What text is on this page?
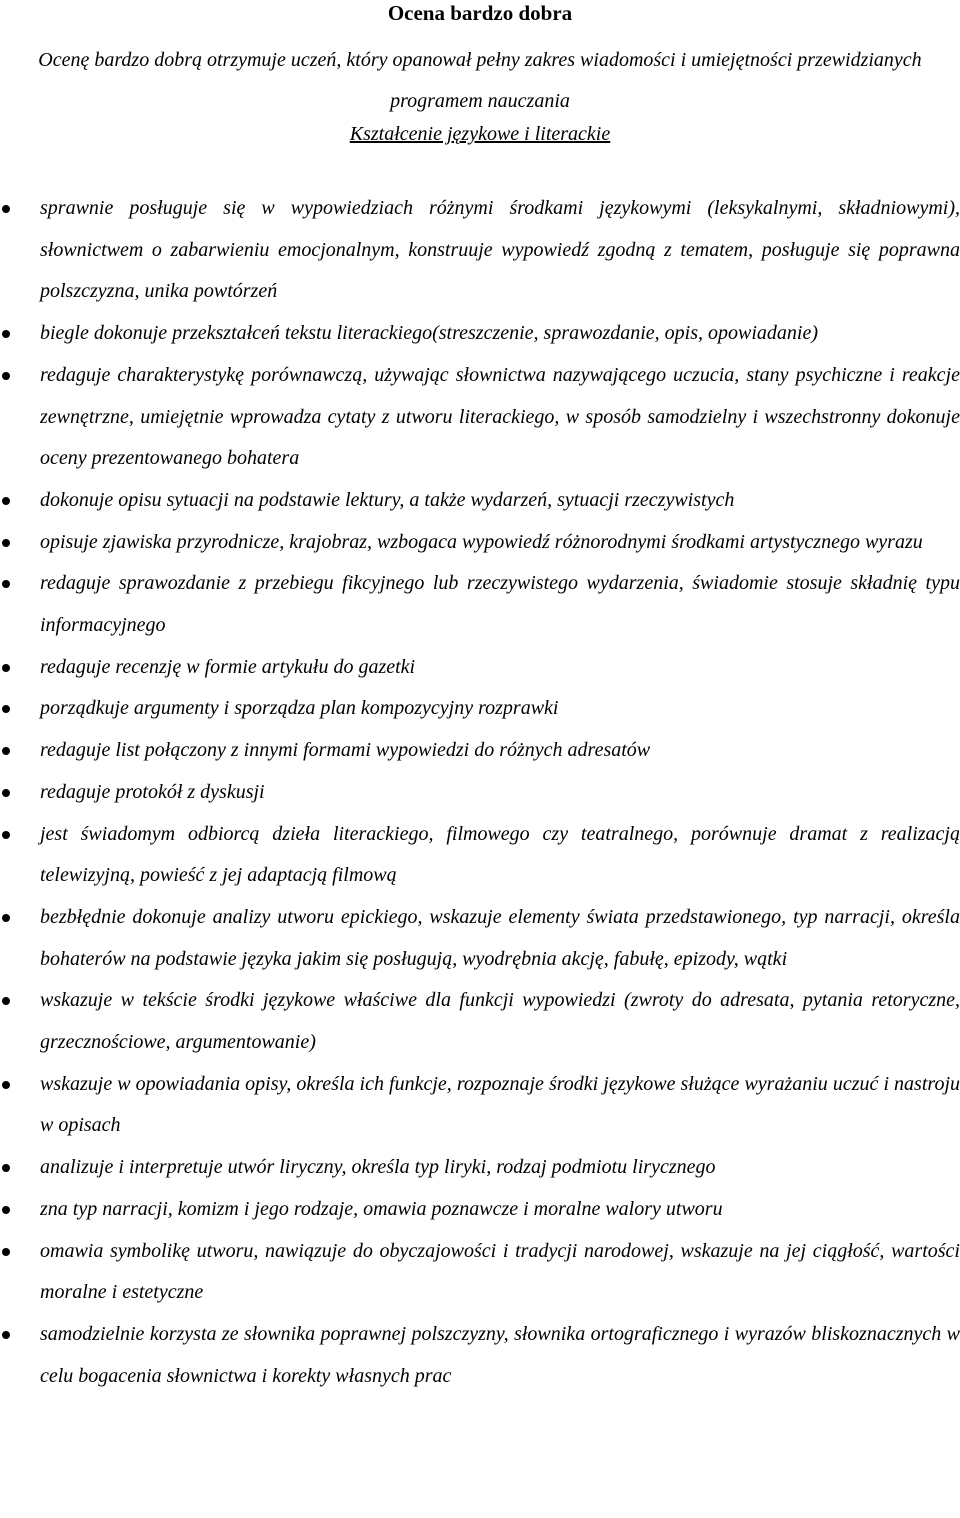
Ocena bardzo dobra
Ocenę bardzo dobrą otrzymuje uczeń, który opanował pełny zakres wiadomości i umiejętności przewidzianych programem nauczania
Kształcenie językowe i literackie
sprawnie posługuje się w wypowiedziach różnymi środkami językowymi (leksykalnymi, składniowymi), słownictwem o zabarwieniu emocjonalnym, konstruuje wypowiedź zgodną z tematem, posługuje się poprawna polszczyzna, unika powtórzeń
biegle dokonuje przekształceń tekstu literackiego(streszczenie, sprawozdanie, opis, opowiadanie)
redaguje charakterystykę porównawczą, używając słownictwa nazywającego uczucia, stany psychiczne i reakcje zewnętrzne, umiejętnie wprowadza cytaty z utworu literackiego, w sposób samodzielny i wszechstronny dokonuje oceny prezentowanego bohatera
dokonuje opisu sytuacji na podstawie lektury, a także wydarzeń, sytuacji rzeczywistych
opisuje zjawiska przyrodnicze, krajobraz, wzbogaca wypowiedź różnorodnymi środkami artystycznego wyrazu
redaguje sprawozdanie z przebiegu fikcyjnego lub rzeczywistego wydarzenia, świadomie stosuje składnię typu informacyjnego
redaguje recenzję w formie artykułu do gazetki
porządkuje argumenty i sporządza plan kompozycyjny rozprawki
redaguje list połączony z innymi formami wypowiedzi do różnych adresatów
redaguje protokół z dyskusji
jest świadomym odbiorcą dzieła literackiego, filmowego czy teatralnego, porównuje dramat z realizacją telewizyjną, powieść z jej adaptacją filmową
bezbłędnie dokonuje analizy utworu epickiego, wskazuje elementy świata przedstawionego, typ narracji, określa bohaterów na podstawie języka jakim się posługują, wyodrębnia akcję, fabułę, epizody, wątki
wskazuje w tekście środki językowe właściwe dla funkcji wypowiedzi (zwroty do adresata, pytania retoryczne, grzecznościowe, argumentowanie)
wskazuje w opowiadania opisy, określa ich funkcje, rozpoznaje środki językowe służące wyrażaniu uczuć i nastroju w opisach
analizuje i interpretuje utwór liryczny, określa typ liryki, rodzaj podmiotu lirycznego
zna typ narracji, komizm i jego rodzaje, omawia poznawcze i moralne walory utworu
omawia symbolikę utworu, nawiązuje do obyczajowości i tradycji narodowej, wskazuje na jej ciągłość, wartości moralne i estetyczne
samodzielnie korzysta ze słownika poprawnej polszczyzny, słownika ortograficznego i wyrazów bliskoznacznych w celu bogacenia słownictwa i korekty własnych prac
